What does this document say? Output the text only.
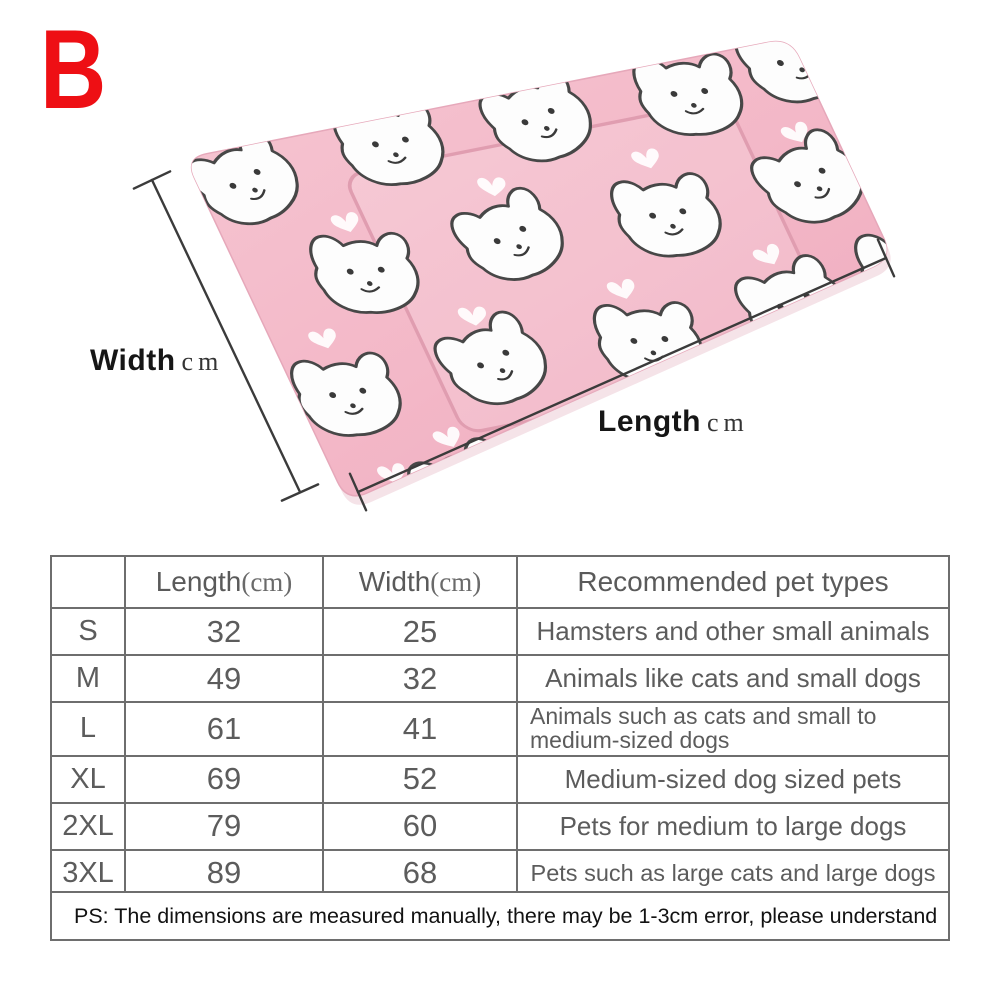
B
Width cm
Length cm
	Length(cm)	Width(cm)	Recommended pet types
S	32	25	Hamsters and other small animals
M	49	32	Animals like cats and small dogs
L	61	41	Animals such as cats and small to medium-sized dogs
XL	69	52	Medium-sized dog sized pets
2XL	79	60	Pets for medium to large dogs
3XL	89	68	Pets such as large cats and large dogs
PS: The dimensions are measured manually, there may be 1-3cm error, please understand
